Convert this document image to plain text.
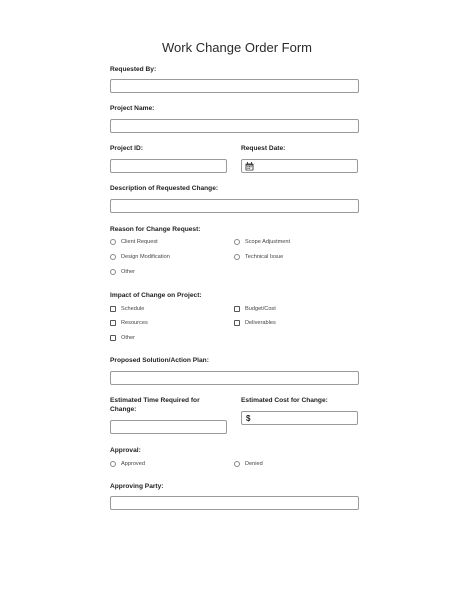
Work Change Order Form
Requested By:
Project Name:
Project ID:	Request Date:
Description of Requested Change:
Reason for Change Request:
Client Request	Scope Adjustment
Design Modification	Technical Issue
Other
Impact of Change on Project:
Schedule	Budget/Cost
Resources	Deliverables
Other
Proposed Solution/Action Plan:
Estimated Time Required for
Change:
Estimated Cost for Change:
$
Approval:
Approved	Denied
Approving Party:
